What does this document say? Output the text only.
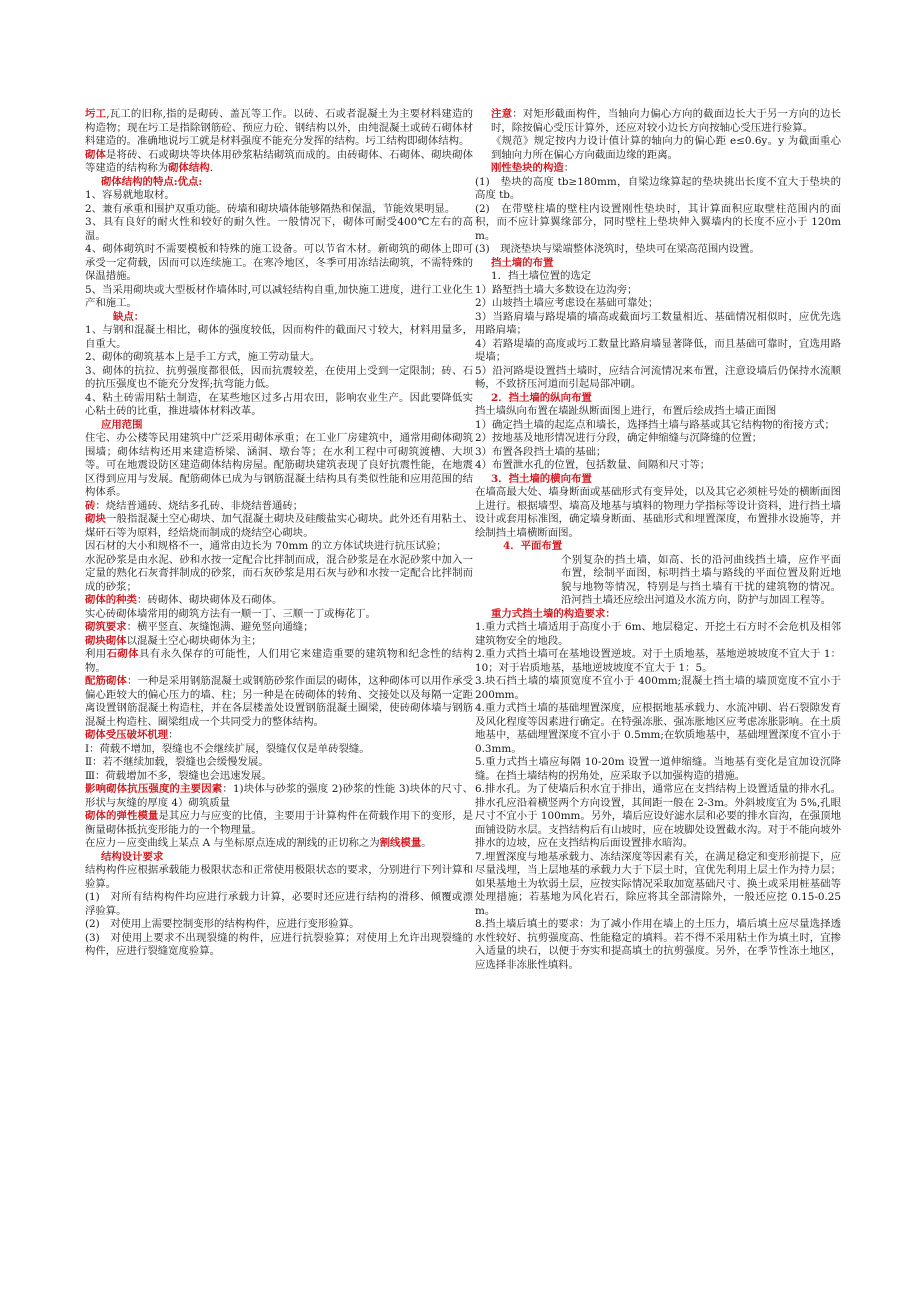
圬工,瓦工的旧称,指的是砌砖、盖瓦等工作。以砖、石或者混凝土为主要材料建造的构造物；现在圬工是指除钢筋砼、预应力砼、钢结构以外，由纯混凝土或砖石砌体材料建造的。准确地说圬工就是材料强度不能充分发挥的结构。圬工结构即砌体结构。

砌体是将砖、石或砌块等块体用砂浆粘结砌筑而成的。由砖砌体、石砌体、砌块砌体等建造的结构称为砌体结构.

砌体结构的特点:优点:

1、容易就地取材。

2、兼有承重和围护双重功能。砖墙和砌块墙体能够隔热和保温，节能效果明显。

3、具有良好的耐火性和较好的耐久性。一般情况下，砌体可耐受400℃左右的高温。

4、砌体砌筑时不需要模板和特殊的施工设备。可以节省木材。新砌筑的砌体上即可承受一定荷载，因而可以连续施工。在寒冷地区，冬季可用冻结法砌筑，不需特殊的保温措施。

5、当采用砌块或大型板材作墙体时,可以减轻结构自重,加快施工进度，进行工业化生产和施工。

缺点：

1、与钢和混凝土相比，砌体的强度较低，因而构件的截面尺寸较大，材料用量多，自重大。

2、砌体的砌筑基本上是手工方式，施工劳动量大。

3、砌体的抗拉、抗剪强度都很低，因而抗震较差，在使用上受到一定限制；砖、石的抗压强度也不能充分发挥;抗弯能力低。

4、粘土砖需用粘土制造，在某些地区过多占用农田，影响农业生产。因此要降低实心粘土砖的比重，推进墙体材料改革。

应用范围

住宅、办公楼等民用建筑中广泛采用砌体承重；在工业厂房建筑中，通常用砌体砌筑围墙；砌体结构还用来建造桥梁、涵洞、墩台等；在水利工程中可砌筑渡槽、大坝等。可在地震设防区建造砌体结构房屋。配筋砌块建筑表现了良好抗震性能，在地震区得到应用与发展。配筋砌体已成为与钢筋混凝土结构具有类似性能和应用范围的结构体系。

砖：烧结普通砖、烧结多孔砖、非烧结普通砖；

砌块一般指混凝土空心砌块、加气混凝土砌块及硅酸盐实心砌块。此外还有用粘土、煤矸石等为原料，经焙烧而制成的烧结空心砌块。

因石材的大小和规格不一，通常由边长为 70mm 的立方体试块进行抗压试验；

水泥砂浆是由水泥、砂和水按一定配合比拌制而成，混合砂浆是在水泥砂浆中加入一定量的熟化石灰膏拌制成的砂浆，而石灰砂浆是用石灰与砂和水按一定配合比拌制而成的砂浆；

砌体的种类：砖砌体、砌块砌体及石砌体。

实心砖砌体墙常用的砌筑方法有一顺一丁、三顺一丁或梅花丁。

砌筑要求：横平竖直、灰缝饱满、避免竖向通缝；

砌块砌体以混凝土空心砌块砌体为主；

利用石砌体具有永久保存的可能性，人们用它来建造重要的建筑物和纪念性的结构物。

配筋砌体：一种是采用钢筋混凝土或钢筋砂浆作面层的砌体，这种砌体可以用作承受偏心距较大的偏心压力的墙、柱；另一种是在砖砌体的转角、交接处以及每隔一定距离设置钢筋混凝土构造柱，并在各层楼盖处设置钢筋混凝土圈梁，使砖砌体墙与钢筋混凝土构造柱、圈梁组成一个共同受力的整体结构。

砌体受压破坏机理：

Ⅰ：荷载不增加，裂缝也不会继续扩展，裂缝仅仅是单砖裂缝。

Ⅱ：若不继续加载，裂缝也会缓慢发展。

Ⅲ：荷载增加不多，裂缝也会迅速发展。

影响砌体抗压强度的主要因素：1)块体与砂浆的强度 2)砂浆的性能 3)块体的尺寸、形状与灰缝的厚度 4）砌筑质量

砌体的弹性模量是其应力与应变的比值，主要用于计算构件在荷载作用下的变形，是衡量砌体抵抗变形能力的一个物理量。

在应力－应变曲线上某点 A 与坐标原点连成的割线的正切称之为割线模量。

结构设计要求

结构构件应根据承载能力极限状态和正常使用极限状态的要求，分别进行下列计算和验算。

(1)　对所有结构构件均应进行承载力计算，必要时还应进行结构的滑移、倾覆或漂浮验算。

(2)　对使用上需要控制变形的结构构件，应进行变形验算。

(3)　对使用上要求不出现裂缝的构件，应进行抗裂验算；对使用上允许出现裂缝的构件，应进行裂缝宽度验算。

注意：对矩形截面构件，当轴向力偏心方向的截面边长大于另一方向的边长时，除按偏心受压计算外，还应对较小边长方向按轴心受压进行验算。

《规范》规定按内力设计值计算的轴向力的偏心距 e≤0.6y。y 为截面重心到轴向力所在偏心方向截面边缘的距离。

刚性垫块的构造：

(1)　垫块的高度 tb≥180mm，自梁边缘算起的垫块挑出长度不宜大于垫块的高度 tb。

(2)　在带壁柱墙的壁柱内设置刚性垫块时，其计算面积应取壁柱范围内的面积，而不应计算翼缘部分，同时壁柱上垫块伸入翼墙内的长度不应小于 120mm。

(3)　现浇垫块与梁端整体浇筑时，垫块可在梁高范围内设置。

挡土墙的布置

1．挡土墙位置的选定

1）路堑挡土墙大多数设在边沟旁；

2）山坡挡土墙应考虑设在基础可靠处；

3）当路肩墙与路堤墙的墙高或截面圬工数量相近、基础情况相似时，应优先选用路肩墙；

4）若路堤墙的高度或圬工数量比路肩墙显著降低，而且基础可靠时，宜选用路堤墙；

5）沿河路堤设置挡土墙时，应结合河流情况来布置，注意设墙后仍保持水流顺畅，不致挤压河道而引起局部冲刷。

2．挡土墙的纵向布置

挡土墙纵向布置在墙趾纵断面图上进行，布置后绘成挡土墙正面图

1）确定挡土墙的起迄点和墙长，选择挡土墙与路基或其它结构物的衔接方式；

2）按地基及地形情况进行分段，确定伸缩缝与沉降缝的位置；

3）布置各段挡土墙的基础；

4）布置泄水孔的位置，包括数量、间隔和尺寸等；

3．挡土墙的横向布置

在墙高最大处、墙身断面或基础形式有变异处，以及其它必须桩号处的横断面图上进行。根据墙型、墙高及地基与填料的物理力学指标等设计资料，进行挡土墙设计或套用标准图，确定墙身断面、基础形式和埋置深度，布置排水设施等，并绘制挡土墙横断面图。

4．平面布置

个别复杂的挡土墙，如高、长的沿河曲线挡土墙，应作平面布置，绘制平面图，标明挡土墙与路线的平面位置及附近地貌与地物等情况，特别是与挡土墙有干扰的建筑物的情况。沿河挡土墙还应绘出河道及水流方向，防护与加固工程等。

重力式挡土墙的构造要求：

1.重力式挡土墙适用于高度小于 6m、地层稳定、开挖土石方时不会危机及相邻建筑物安全的地段。

2.重力式挡土墙可在基地设置逆坡。对于土质地基，基地逆坡坡度不宜大于 1：10；对于岩质地基，基地逆坡坡度不宜大于 1：5。

3.块石挡土墙的墙顶宽度不宜小于 400mm;混凝土挡土墙的墙顶宽度不宜小于 200mm。

4.重力式挡土墙的基础埋置深度，应根据地基承载力、水流冲刷、岩石裂隙发育及风化程度等因素进行确定。在特强冻胀、强冻胀地区应考虑冻胀影响。在土质地基中，基础埋置深度不宜小于 0.5mm;在软质地基中，基础埋置深度不宜小于 0.3mm。

5.重力式挡土墙应每隔 10-20m 设置一道伸缩缝。当地基有变化是宜加设沉降缝。在挡土墙结构的拐角处，应采取予以加强构造的措施。

6.排水孔。为了使墙后积水宜于排出，通常应在支挡结构上设置适量的排水孔。排水孔应沿着横竖两个方向设置，其间距一般在 2-3m。外斜坡度宜为 5%,孔眼尺寸不宜小于 100mm。另外，墙后应设好滤水层和必要的排水盲沟，在强顶地面铺设防水层。支挡结构后有山坡时，应在坡脚处设置截水沟。对于不能向坡外排水的边坡，应在支挡结构后面设置排水暗沟。

7.埋置深度与地基承载力、冻结深度等因素有关，在满足稳定和变形前提下，应尽量浅埋，当上层地基的承载力大于下层土时，宜优先利用上层土作为持力层；如果基地土为软弱土层，应按实际情况采取加宽基础尺寸、换土或采用桩基础等处理措施；若基地为风化岩石，除应将其全部清除外，一般还应挖 0.15-0.25m。

8.挡土墙后填土的要求：为了减小作用在墙上的土压力，墙后填土应尽量选择透水性较好、抗剪强度高、性能稳定的填料。若不得不采用粘土作为填土时，宜掺入适量的块石，以便于夯实和提高填土的抗剪强度。另外，在季节性冻土地区，应选择非冻胀性填料。
